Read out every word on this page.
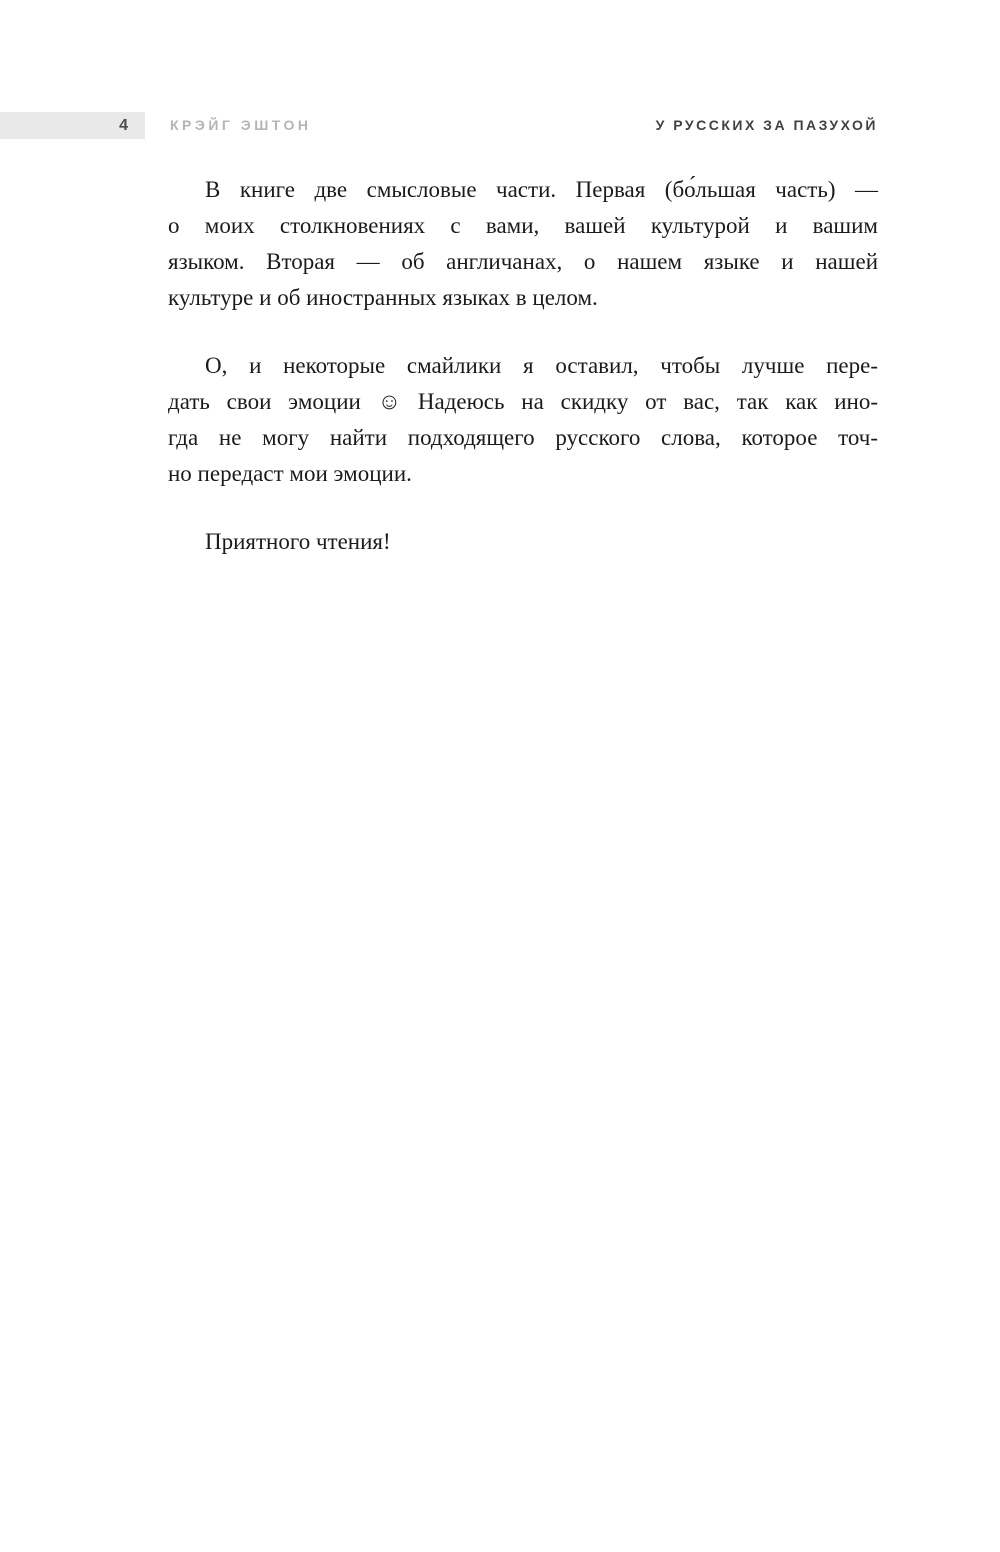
4	КРЭЙГ ЭШТОН	У РУССКИХ ЗА ПАЗУХОЙ

В книге две смысловые части. Первая (бо́льшая часть) —
о моих столкновениях с вами, вашей культурой и вашим
языком. Вторая — об англичанах, о нашем языке и нашей
культуре и об иностранных языках в целом.

О, и некоторые смайлики я оставил, чтобы лучше пере-
дать свои эмоции ☺ Надеюсь на скидку от вас, так как ино-
гда не могу найти подходящего русского слова, которое точ-
но передаст мои эмоции.

Приятного чтения!
